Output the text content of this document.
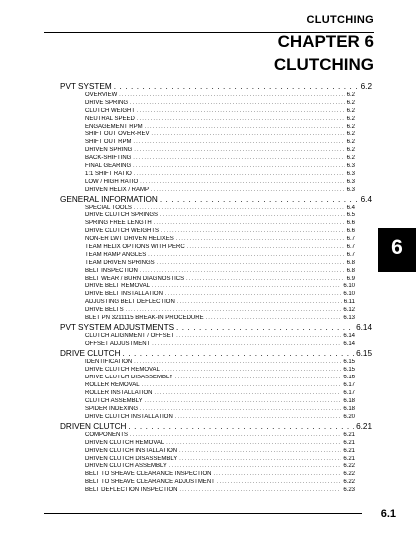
CLUTCHING
CHAPTER 6
CLUTCHING
PVT SYSTEM . . .	6.2
OVERVIEW . . .	6.2
DRIVE SPRING . . .	6.2
CLUTCH WEIGHT . . .	6.2
NEUTRAL SPEED . . .	6.2
ENGAGEMENT RPM . . .	6.2
SHIFT OUT OVER-REV . . .	6.2
SHIFT OUT RPM . . .	6.2
DRIVEN SPRING . . .	6.2
BACK-SHIFTING . . .	6.2
FINAL GEARING . . .	6.3
1:1 SHIFT RATIO . . .	6.3
LOW / HIGH RATIO . . .	6.3
DRIVEN HELIX / RAMP . . .	6.3
GENERAL INFORMATION . . .	6.4
SPECIAL TOOLS . . .	6.4
DRIVE CLUTCH SPRINGS . . .	6.5
SPRING FREE LENGTH . . .	6.6
DRIVE CLUTCH WEIGHTS . . .	6.6
NON-ER LWT DRIVEN HELIXES . . .	6.7
TEAM HELIX OPTIONS WITH PERC . . .	6.7
TEAM RAMP ANGLES . . .	6.7
TEAM DRIVEN SPRINGS . . .	6.8
BELT INSPECTION . . .	6.8
BELT WEAR / BURN DIAGNOSTICS . . .	6.9
DRIVE BELT REMOVAL . . .	6.10
DRIVE BELT INSTALLATION . . .	6.10
ADJUSTING BELT DEFLECTION . . .	6.11
DRIVE BELTS . . .	6.12
BLET PN 3211115 BREAK-IN PROCEDURE . . .	6.13
PVT SYSTEM ADJUSTMENTS . . .	6.14
CLUTCH ALIGNMENT / OFFSET . . .	6.14
OFFSET ADJUSTMENT . . .	6.14
DRIVE CLUTCH . . .	6.15
IDENTIFICATION . . .	6.15
DRIVE CLUTCH REMOVAL . . .	6.15
DRIVE CLUTCH DISASSEMBLY . . .	6.16
ROLLER REMOVAL . . .	6.17
ROLLER INSTALLATION . . .	6.17
CLUTCH ASSEMBLY . . .	6.18
SPIDER INDEXING . . .	6.18
DRIVE CLUTCH INSTALLATION . . .	6.20
DRIVEN CLUTCH . . .	6.21
COMPONENTS . . .	6.21
DRIVEN CLUTCH REMOVAL . . .	6.21
DRIVEN CLUTCH INSTALLATION . . .	6.21
DRIVEN CLUTCH DISASSEMBLY . . .	6.21
DRIVEN CLUTCH ASSEMBLY . . .	6.22
BELT TO SHEAVE CLEARANCE INSPECTION . . .	6.22
BELT TO SHEAVE CLEARANCE ADJUSTMENT . . .	6.22
BELT DEFLECTION INSPECTION . . .	6.23
6
6.1
